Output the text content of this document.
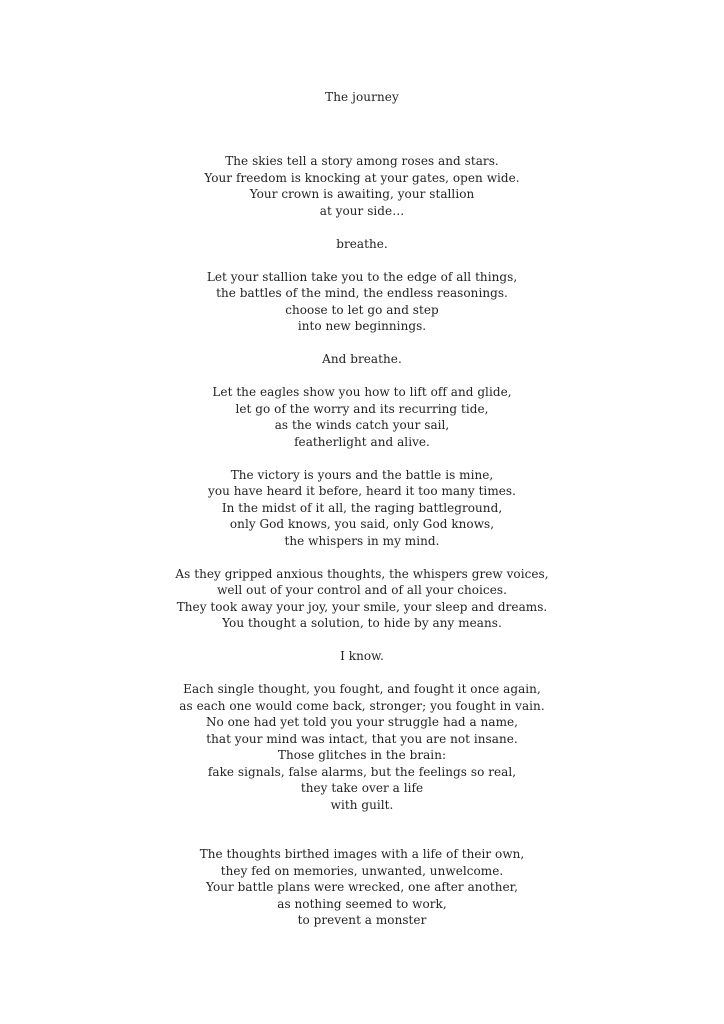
The journey
The skies tell a story among roses and stars.
Your freedom is knocking at your gates, open wide.
Your crown is awaiting, your stallion
at your side…
breathe.
Let your stallion take you to the edge of all things,
the battles of the mind, the endless reasonings.
choose to let go and step
into new beginnings.
And breathe.
Let the eagles show you how to lift off and glide,
let go of the worry and its recurring tide,
as the winds catch your sail,
featherlight and alive.
The victory is yours and the battle is mine,
you have heard it before, heard it too many times.
In the midst of it all, the raging battleground,
only God knows, you said, only God knows,
the whispers in my mind.
As they gripped anxious thoughts, the whispers grew voices,
well out of your control and of all your choices.
They took away your joy, your smile, your sleep and dreams.
You thought a solution, to hide by any means.
I know.
Each single thought, you fought, and fought it once again,
as each one would come back, stronger; you fought in vain.
No one had yet told you your struggle had a name,
that your mind was intact, that you are not insane.
Those glitches in the brain:
fake signals, false alarms, but the feelings so real,
they take over a life
with guilt.
The thoughts birthed images with a life of their own,
they fed on memories, unwanted, unwelcome.
Your battle plans were wrecked, one after another,
as nothing seemed to work,
to prevent a monster
